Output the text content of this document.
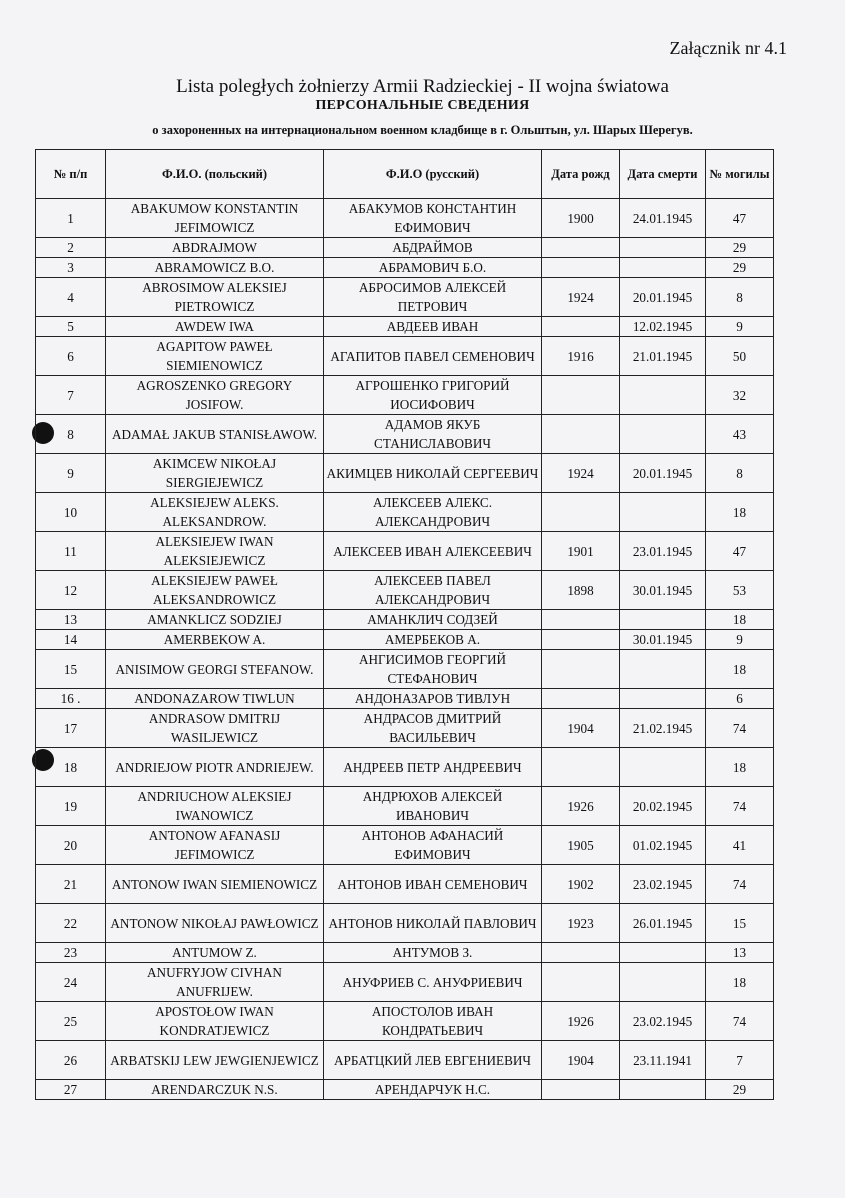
Załącznik nr 4.1
Lista poległych żołnierzy Armii Radzieckiej - II wojna światowa
ПЕРСОНАЛЬНЫЕ СВЕДЕНИЯ
о захороненных на интернациональном военном кладбище в г. Ольштын, ул. Шарых Шерегув.
№ п/п	Ф.И.О. (польский)	Ф.И.О (русский)	Дата рожд	Дата смерти	№ могилы
1	ABAKUMOW KONSTANTIN JEFIMOWICZ	АБАКУМОВ КОНСТАНТИН ЕФИМОВИЧ	1900	24.01.1945	47
2	ABDRAJMOW	АБДРАЙМОВ			29
3	ABRAMOWICZ B.O.	АБРАМОВИЧ Б.О.			29
4	ABROSIMOW ALEKSIEJ PIETROWICZ	АБРОСИМОВ АЛЕКСЕЙ ПЕТРОВИЧ	1924	20.01.1945	8
5	AWDEW IWA	АВДЕЕВ ИВАН		12.02.1945	9
6	AGAPITOW PAWEŁ SIEMIENOWICZ	АГАПИТОВ ПАВЕЛ СЕМЕНОВИЧ	1916	21.01.1945	50
7	AGROSZENKO GREGORY JOSIFOW.	АГРОШЕНКО ГРИГОРИЙ ИОСИФОВИЧ			32
8	ADAMAŁ JAKUB STANISŁAWOW.	АДАМОВ ЯКУБ СТАНИСЛАВОВИЧ			43
9	AKIMCEW NIKOŁAJ SIERGIEJEWICZ	АКИМЦЕВ НИКОЛАЙ СЕРГЕЕВИЧ	1924	20.01.1945	8
10	ALEKSIEJEW ALEKS. ALEKSANDROW.	АЛЕКСЕЕВ АЛЕКС. АЛЕКСАНДРОВИЧ			18
11	ALEKSIEJEW IWAN ALEKSIEJEWICZ	АЛЕКСЕЕВ ИВАН АЛЕКСЕЕВИЧ	1901	23.01.1945	47
12	ALEKSIEJEW PAWEŁ ALEKSANDROWICZ	АЛЕКСЕЕВ ПАВЕЛ АЛЕКСАНДРОВИЧ	1898	30.01.1945	53
13	AMANKLICZ SODZIEJ	АМАНКЛИЧ СОДЗЕЙ			18
14	AMERBEKOW A.	АМЕРБЕКОВ А.		30.01.1945	9
15	ANISIMOW GEORGI STEFANOW.	АНГИСИМОВ ГЕОРГИЙ СТЕФАНОВИЧ			18
16 .	ANDONAZAROW TIWLUN	АНДОНАЗАРОВ ТИВЛУН			6
17	ANDRASOW DMITRIJ WASILJEWICZ	АНДРАСОВ ДМИТРИЙ ВАСИЛЬЕВИЧ	1904	21.02.1945	74
18	ANDRIEJOW PIOTR ANDRIEJEW.	АНДРЕЕВ ПЕТР АНДРЕЕВИЧ			18
19	ANDRIUCHOW ALEKSIEJ IWANOWICZ	АНДРЮХОВ АЛЕКСЕЙ ИВАНОВИЧ	1926	20.02.1945	74
20	ANTONOW AFANASIJ JEFIMOWICZ	АНТОНОВ АФАНАСИЙ ЕФИМОВИЧ	1905	01.02.1945	41
21	ANTONOW IWAN SIEMIENOWICZ	АНТОНОВ ИВАН СЕМЕНОВИЧ	1902	23.02.1945	74
22	ANTONOW NIKOŁAJ PAWŁOWICZ	АНТОНОВ НИКОЛАЙ ПАВЛОВИЧ	1923	26.01.1945	15
23	ANTUMOW Z.	АНТУМОВ З.			13
24	ANUFRYJOW CIVHAN ANUFRIJEW.	АНУФРИЕВ С. АНУФРИЕВИЧ			18
25	APOSTOŁOW IWAN KONDRATJEWICZ	АПОСТОЛОВ ИВАН КОНДРАТЬЕВИЧ	1926	23.02.1945	74
26	ARBATSKIJ LEW JEWGIENJEWICZ	АРБАТЦКИЙ ЛЕВ ЕВГЕНИЕВИЧ	1904	23.11.1941	7
27	ARENDARCZUK N.S.	АРЕНДАРЧУК Н.С.			29
